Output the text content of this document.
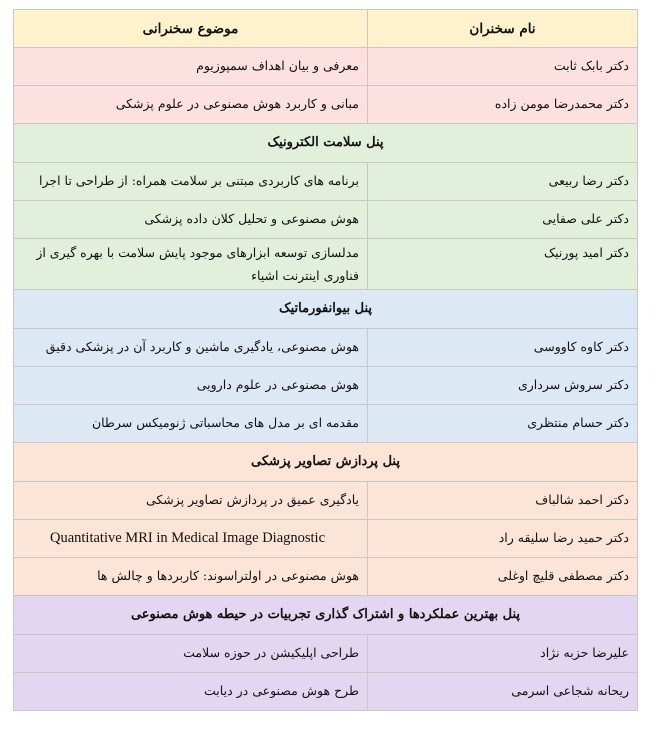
نام سخنران	موضوع سخنرانی
دکتر بابک ثابت	معرفی و بیان اهداف سمپوزیوم
دکتر محمدرضا مومن زاده	مبانی و کاربرد هوش مصنوعی در علوم پزشکی
پنل سلامت الکترونیک	
دکتر رضا ربیعی	برنامه های کاربردی مبتنی بر سلامت همراه: از طراحی تا اجرا
دکتر علی صفایی	هوش مصنوعی و تحلیل کلان داده پزشکی
دکتر امید پورنیک	مدلسازی توسعه ابزارهای موجود پایش سلامت با بهره گیری از فناوری اینترنت اشیاء
پنل بیوانفورماتیک	
دکتر کاوه کاووسی	هوش مصنوعی، یادگیری ماشین و کاربرد آن در پزشکی دقیق
دکتر سروش سرداری	هوش مصنوعی در علوم دارویی
دکتر حسام منتظری	مقدمه ای بر مدل های محاسباتی ژنومیکس سرطان
پنل پردازش تصاویر پزشکی	
دکتر احمد شالباف	یادگیری عمیق در پردازش تصاویر پزشکی
دکتر حمید رضا سلیقه راد	Quantitative MRI in Medical Image Diagnostic
دکتر مصطفی قلیچ اوغلی	هوش مصنوعی در اولتراسوند: کاربردها و چالش ها
پنل بهترین عملکردها و اشتراک گذاری تجربیات در حیطه هوش مصنوعی	
علیرضا حزبه نژاد	طراحی اپلیکیشن در حوزه سلامت
ریحانه شجاعی اسرمی	طرح هوش مصنوعی در دیابت
